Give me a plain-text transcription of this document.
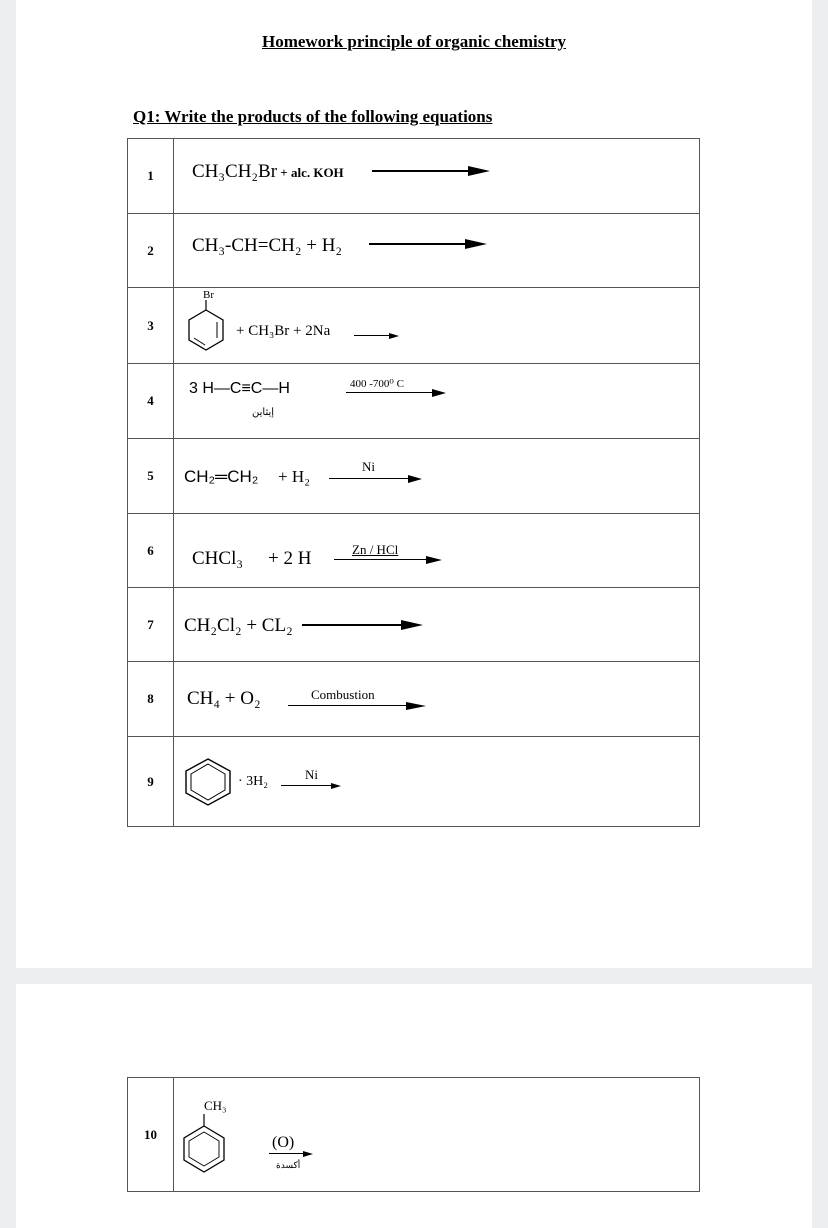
Homework principle of organic chemistry
Q1: Write the products of the following equations
1	CH₃CH₂Br + alc. KOH

2	CH₃-CH=CH₂ + H₂

3	Br
+ CH₃Br + 2Na

4	3 H—C≡C—H
إيثاين
400 -700⁰ C

5	CH₂═CH₂ + H₂
Ni

6	CHCl₃ + 2 H Zn / HCl

7	CH₂Cl₂ + CL₂

8	CH₄ + O₂ Combustion

9	· 3H₂ Ni
10	
CH₃
(O)
أكسدة
